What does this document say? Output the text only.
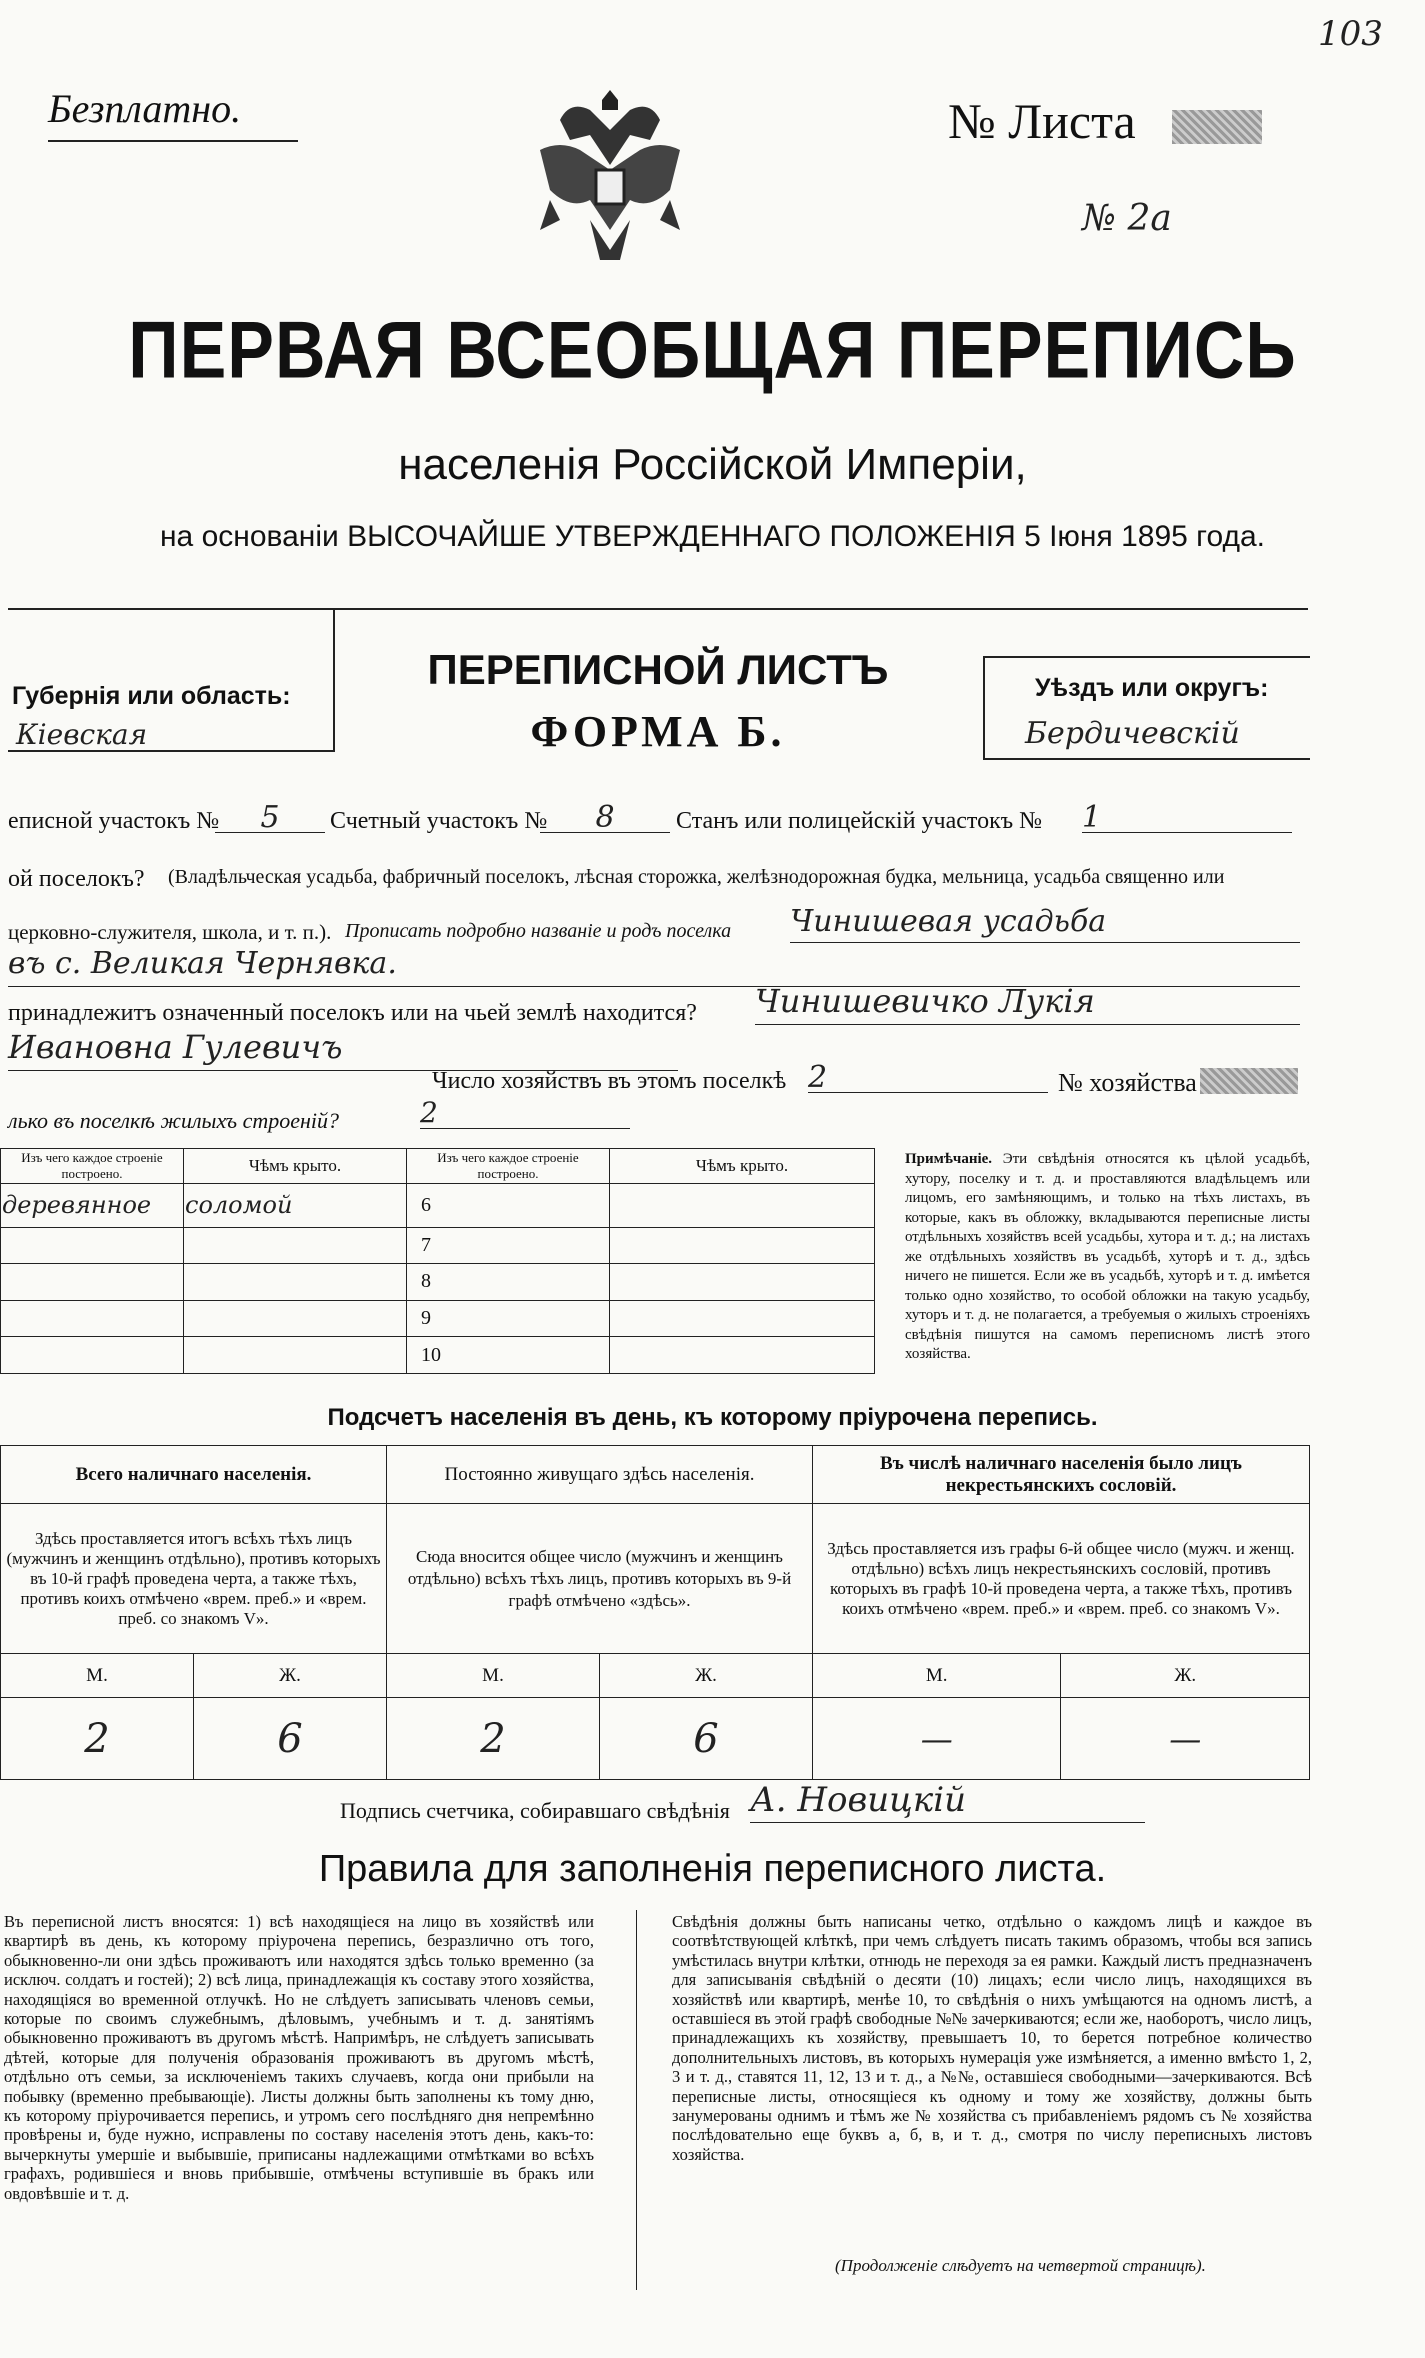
103
Безплатно.	№ Листа
№ 2а
ПЕРВАЯ ВСЕОБЩАЯ ПЕРЕПИСЬ
населенія Россійской Имперіи,
на основаніи ВЫСОЧАЙШЕ УТВЕРЖДЕННАГО ПОЛОЖЕНІЯ 5 Іюня 1895 года.
Губернія или область:
Кіевская
ПЕРЕПИСНОЙ ЛИСТЪ
ФОРМА Б.
Уѣздъ или округъ:
Бердичевскій
еписной участокъ №	5	Счетный участокъ №	8	Станъ или полицейскій участокъ № 1
ой поселокъ? (Владѣльческая усадьба, фабричный поселокъ, лѣсная сторожка, желѣзнодорожная будка, мельница, усадьба священно или
церковно-служителя, школа, и т. п.). Прописать подробно названіе и родъ поселка Чинишевая усадьба
въ с. Великая Чернявка.
принадлежитъ означенный поселокъ или на чьей землѣ находится? Чинишевичко Лукія
Ивановна Гулевичъ
Число хозяйствъ въ этомъ поселкѣ 2	№ хозяйства
лько въ поселкѣ жилыхъ строеній?	2
Изъ чего каждое строеніе построено.	Чѣмъ крыто.	Изъ чего каждое строеніе построено.	Чѣмъ крыто.
деревянное	соломой	6	
		7	
		8	
		9	
		10	
Примѣчаніе. Эти свѣдѣнія относятся къ цѣлой усадьбѣ, хутору, поселку и т. д. и проставляются владѣльцемъ или лицомъ, его замѣняющимъ, и только на тѣхъ листахъ, въ которые, какъ въ обложку, вкладываются переписные листы отдѣльныхъ хозяйствъ всей усадьбы, хутора и т. д.; на листахъ же отдѣльныхъ хозяйствъ въ усадьбѣ, хуторѣ и т. д., здѣсь ничего не пишется. Если же въ усадьбѣ, хуторѣ и т. д. имѣется только одно хозяйство, то особой обложки на такую усадьбу, хуторъ и т. д. не полагается, а требуемыя о жилыхъ строеніяхъ свѣдѣнія пишутся на самомъ переписномъ листѣ этого хозяйства.
Подсчетъ населенія въ день, къ которому пріурочена перепись.
Всего наличнаго населенія.		Постоянно живущаго здѣсь населенія.		Въ числѣ наличнаго населенія было лицъ некрестьянскихъ сословій.	
Здѣсь проставляется итогъ всѣхъ тѣхъ лицъ (мужчинъ и женщинъ отдѣльно), противъ которыхъ въ 10-й графѣ проведена черта, а также тѣхъ, противъ коихъ отмѣчено «врем. преб.» и «врем. преб. со знакомъ V».		Сюда вносится общее число (мужчинъ и женщинъ отдѣльно) всѣхъ тѣхъ лицъ, противъ которыхъ въ 9-й графѣ отмѣчено «здѣсь».		Здѣсь проставляется изъ графы 6-й общее число (мужч. и женщ. отдѣльно) всѣхъ лицъ некрестьянскихъ сословій, противъ которыхъ въ графѣ 10-й проведена черта, а также тѣхъ, противъ коихъ отмѣчено «врем. преб.» и «врем. преб. со знакомъ V».	
М.	Ж.	М.	Ж.	М.	Ж.
2	6	2	6	—	—
Подпись счетчика, собиравшаго свѣдѣнія А. Новицкій
Правила для заполненія переписного листа.
Въ переписной листъ вносятся: 1) всѣ находящіеся на лицо въ хозяйствѣ или квартирѣ въ день, къ которому пріурочена перепись, безразлично отъ того, обыкновенно-ли они здѣсь проживаютъ или находятся здѣсь только временно (за исключ. солдатъ и гостей); 2) всѣ лица, принадлежащія къ составу этого хозяйства, находящіяся во временной отлучкѣ. Но не слѣдуетъ записывать членовъ семьи, которые по своимъ служебнымъ, дѣловымъ, учебнымъ и т. д. занятіямъ обыкновенно проживаютъ въ другомъ мѣстѣ. Напримѣръ, не слѣдуетъ записывать дѣтей, которые для полученія образованія проживаютъ въ другомъ мѣстѣ, отдѣльно отъ семьи, за исключеніемъ такихъ случаевъ, когда они прибыли на побывку (временно пребывающіе). Листы должны быть заполнены къ тому дню, къ которому пріурочивается перепись, и утромъ сего послѣдняго дня непремѣнно провѣрены и, буде нужно, исправлены по составу населенія этотъ день, какъ-то: вычеркнуты умершіе и выбывшіе, приписаны надлежащими отмѣтками во всѣхъ графахъ, родившіеся и вновь прибывшіе, отмѣчены вступившіе въ бракъ или овдовѣвшіе и т. д.
Свѣдѣнія должны быть написаны четко, отдѣльно о каждомъ лицѣ и каждое въ соотвѣтствующей клѣткѣ, при чемъ слѣдуетъ писать такимъ образомъ, чтобы вся запись умѣстилась внутри клѣтки, отнюдь не переходя за ея рамки. Каждый листъ предназначенъ для записыванія свѣдѣній о десяти (10) лицахъ; если число лицъ, находящихся въ хозяйствѣ или квартирѣ, менѣе 10, то свѣдѣнія о нихъ умѣщаются на одномъ листѣ, а оставшіеся въ этой графѣ свободные №№ зачеркиваются; если же, наоборотъ, число лицъ, принадлежащихъ къ хозяйству, превышаетъ 10, то берется потребное количество дополнительныхъ листовъ, въ которыхъ нумерація уже измѣняется, а именно вмѣсто 1, 2, 3 и т. д., ставятся 11, 12, 13 и т. д., а №№, оставшіеся свободными—зачеркиваются. Всѣ переписные листы, относящіеся къ одному и тому же хозяйству, должны быть занумерованы однимъ и тѣмъ же № хозяйства съ прибавленіемъ рядомъ съ № хозяйства послѣдовательно еще буквъ а, б, в, и т. д., смотря по числу переписныхъ листовъ хозяйства.
(Продолженіе слѣдуетъ на четвертой страницѣ).
